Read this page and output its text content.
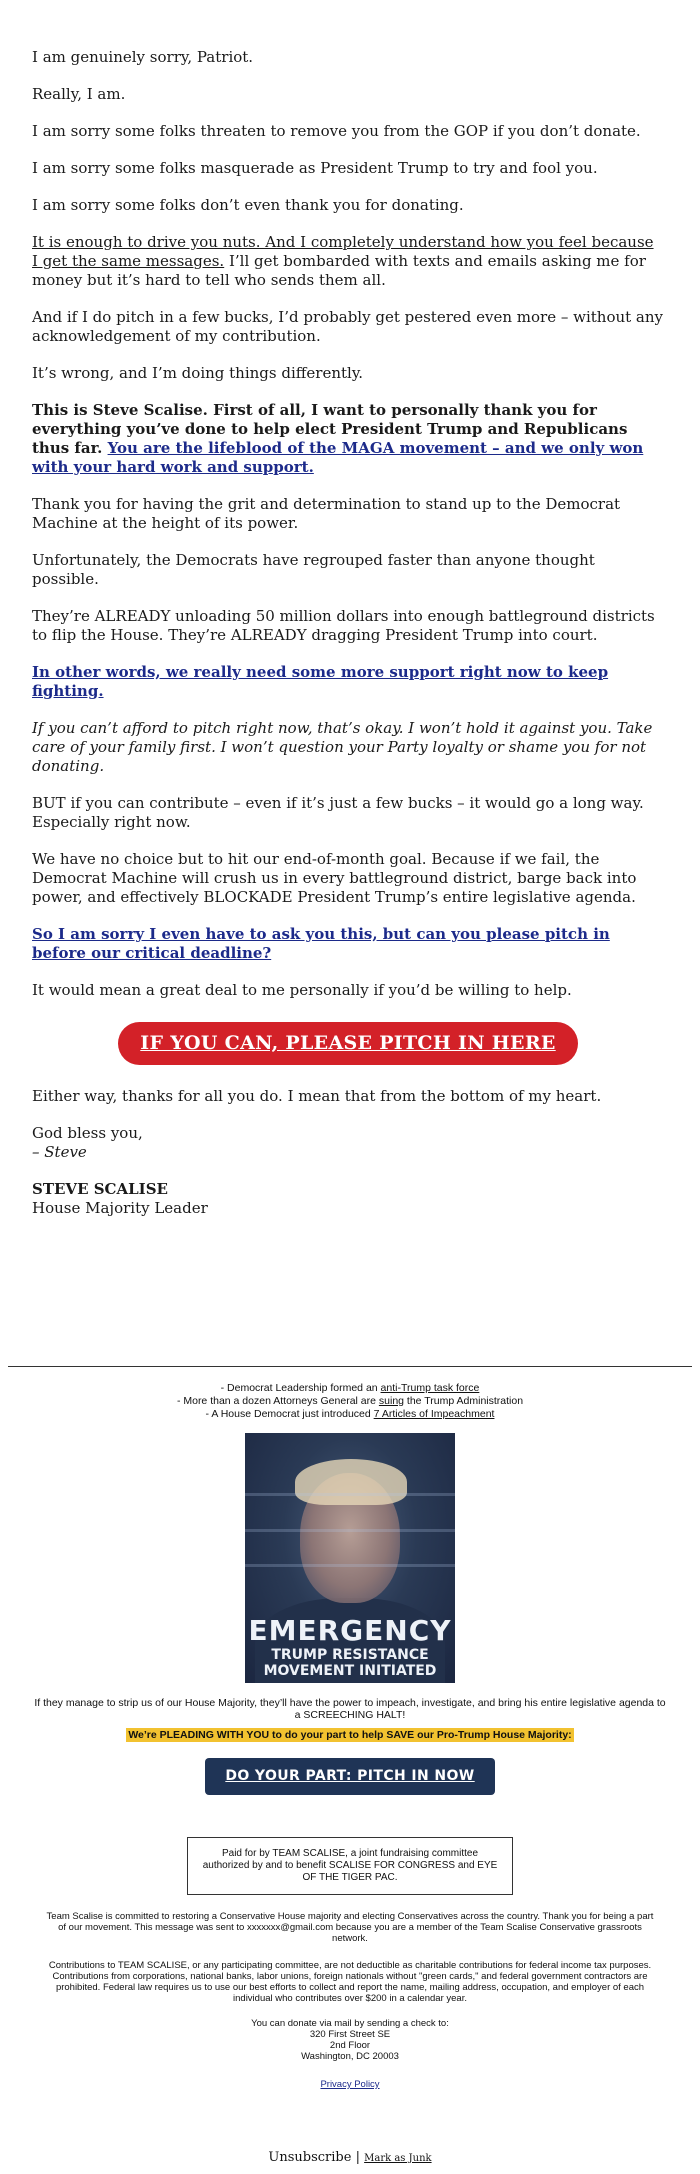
I am genuinely sorry, Patriot.

Really, I am.

I am sorry some folks threaten to remove you from the GOP if you don’t donate.

I am sorry some folks masquerade as President Trump to try and fool you.

I am sorry some folks don’t even thank you for donating.

It is enough to drive you nuts. And I completely understand how you feel because I get the same messages. I’ll get bombarded with texts and emails asking me for money but it’s hard to tell who sends them all.

And if I do pitch in a few bucks, I’d probably get pestered even more – without any acknowledgement of my contribution.

It’s wrong, and I’m doing things differently.

This is Steve Scalise. First of all, I want to personally thank you for everything you’ve done to help elect President Trump and Republicans thus far. You are the lifeblood of the MAGA movement – and we only won with your hard work and support.

Thank you for having the grit and determination to stand up to the Democrat Machine at the height of its power.

Unfortunately, the Democrats have regrouped faster than anyone thought possible.

They’re ALREADY unloading 50 million dollars into enough battleground districts to flip the House. They’re ALREADY dragging President Trump into court.

In other words, we really need some more support right now to keep fighting.

If you can’t afford to pitch right now, that’s okay. I won’t hold it against you. Take care of your family first. I won’t question your Party loyalty or shame you for not donating.

BUT if you can contribute – even if it’s just a few bucks – it would go a long way. Especially right now.

We have no choice but to hit our end-of-month goal. Because if we fail, the Democrat Machine will crush us in every battleground district, barge back into power, and effectively BLOCKADE President Trump’s entire legislative agenda.

So I am sorry I even have to ask you this, but can you please pitch in before our critical deadline?

It would mean a great deal to me personally if you’d be willing to help.

IF YOU CAN, PLEASE PITCH IN HERE

Either way, thanks for all you do. I mean that from the bottom of my heart.

God bless you,
– Steve

STEVE SCALISE
House Majority Leader

- Democrat Leadership formed an anti-Trump task force
- More than a dozen Attorneys General are suing the Trump Administration
- A House Democrat just introduced 7 Articles of Impeachment
EMERGENCY
TRUMP RESISTANCE
MOVEMENT INITIATED
If they manage to strip us of our House Majority, they’ll have the power to impeach, investigate, and bring his entire legislative agenda to a SCREECHING HALT!
We’re PLEADING WITH YOU to do your part to help SAVE our Pro-Trump House Majority:
DO YOUR PART: PITCH IN NOW
Paid for by TEAM SCALISE, a joint fundraising committee authorized by and to benefit SCALISE FOR CONGRESS and EYE OF THE TIGER PAC.
Team Scalise is committed to restoring a Conservative House majority and electing Conservatives across the country. Thank you for being a part of our movement. This message was sent to xxxxxxx@gmail.com because you are a member of the Team Scalise Conservative grassroots network.
Contributions to TEAM SCALISE, or any participating committee, are not deductible as charitable contributions for federal income tax purposes. Contributions from corporations, national banks, labor unions, foreign nationals without "green cards," and federal government contractors are prohibited. Federal law requires us to use our best efforts to collect and report the name, mailing address, occupation, and employer of each individual who contributes over $200 in a calendar year.
You can donate via mail by sending a check to:
320 First Street SE
2nd Floor
Washington, DC 20003
Privacy Policy
Unsubscribe | Mark as Junk
